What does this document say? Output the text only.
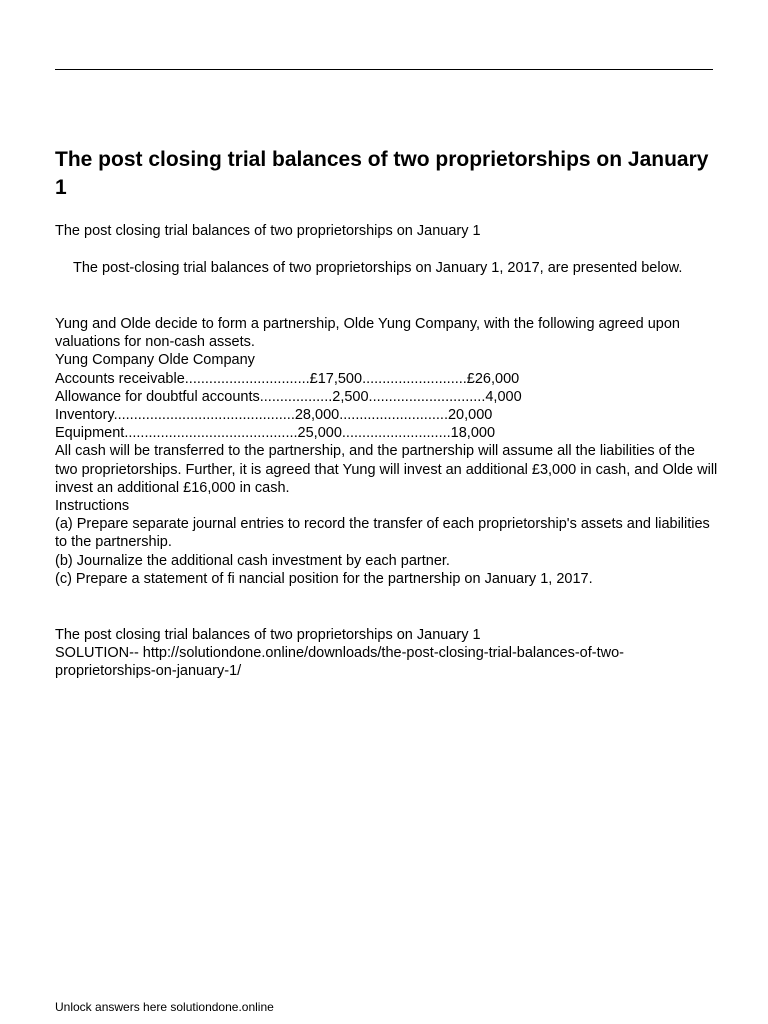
The post closing trial balances of two proprietorships on January 1

The post closing trial balances of two proprietorships on January 1

The post-closing trial balances of two proprietorships on January 1, 2017, are presented below.

Yung and Olde decide to form a partnership, Olde Yung Company, with the following agreed upon valuations for non-cash assets.
Yung Company Olde Company
Accounts receivable...............................£17,500..........................£26,000
Allowance for doubtful accounts..................2,500.............................4,000
Inventory.............................................28,000...........................20,000
Equipment...........................................25,000...........................18,000
All cash will be transferred to the partnership, and the partnership will assume all the liabilities of the two proprietorships. Further, it is agreed that Yung will invest an additional £3,000 in cash, and Olde will invest an additional £16,000 in cash.
Instructions
(a) Prepare separate journal entries to record the transfer of each proprietorship's assets and liabilities to the partnership.
(b) Journalize the additional cash investment by each partner.
(c) Prepare a statement of fi nancial position for the partnership on January 1, 2017.
The post closing trial balances of two proprietorships on January 1
SOLUTION-- http://solutiondone.online/downloads/the-post-closing-trial-balances-of-two-proprietorships-on-january-1/
Unlock answers here solutiondone.online
